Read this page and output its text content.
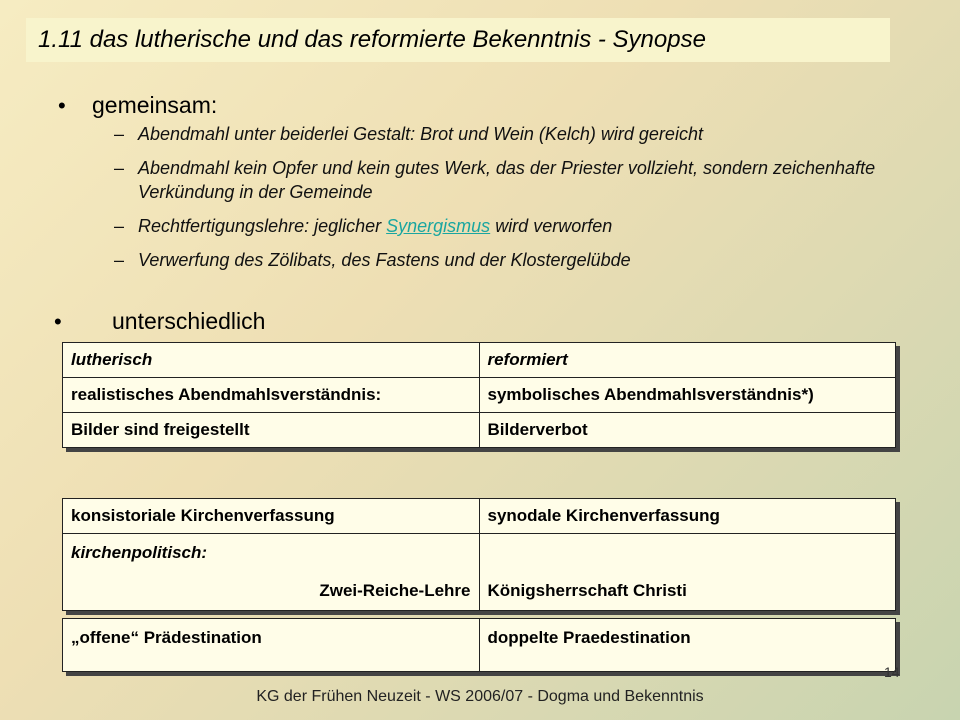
1.11 das lutherische und das reformierte Bekenntnis - Synopse
•	gemeinsam:
– Abendmahl unter beiderlei Gestalt: Brot und Wein (Kelch) wird gereicht
– Abendmahl kein Opfer und kein gutes Werk, das der Priester vollzieht, sondern zeichenhafte Verkündung in der Gemeinde
– Rechtfertigungslehre: jeglicher Synergismus wird verworfen
– Verwerfung des Zölibats, des Fastens und der Klostergelübde
•	unterschiedlich
lutherisch	reformiert
realistisches Abendmahlsverständnis:	symbolisches Abendmahlsverständnis*)
Bilder sind freigestellt	Bilderverbot
konsistoriale Kirchenverfassung	synodale Kirchenverfassung

kirchenpolitisch:
Zwei-Reiche-Lehre	Königsherrschaft Christi
„offene“ Prädestination	doppelte Praedestination
14
KG der Frühen Neuzeit - WS 2006/07 - Dogma und Bekenntnis
